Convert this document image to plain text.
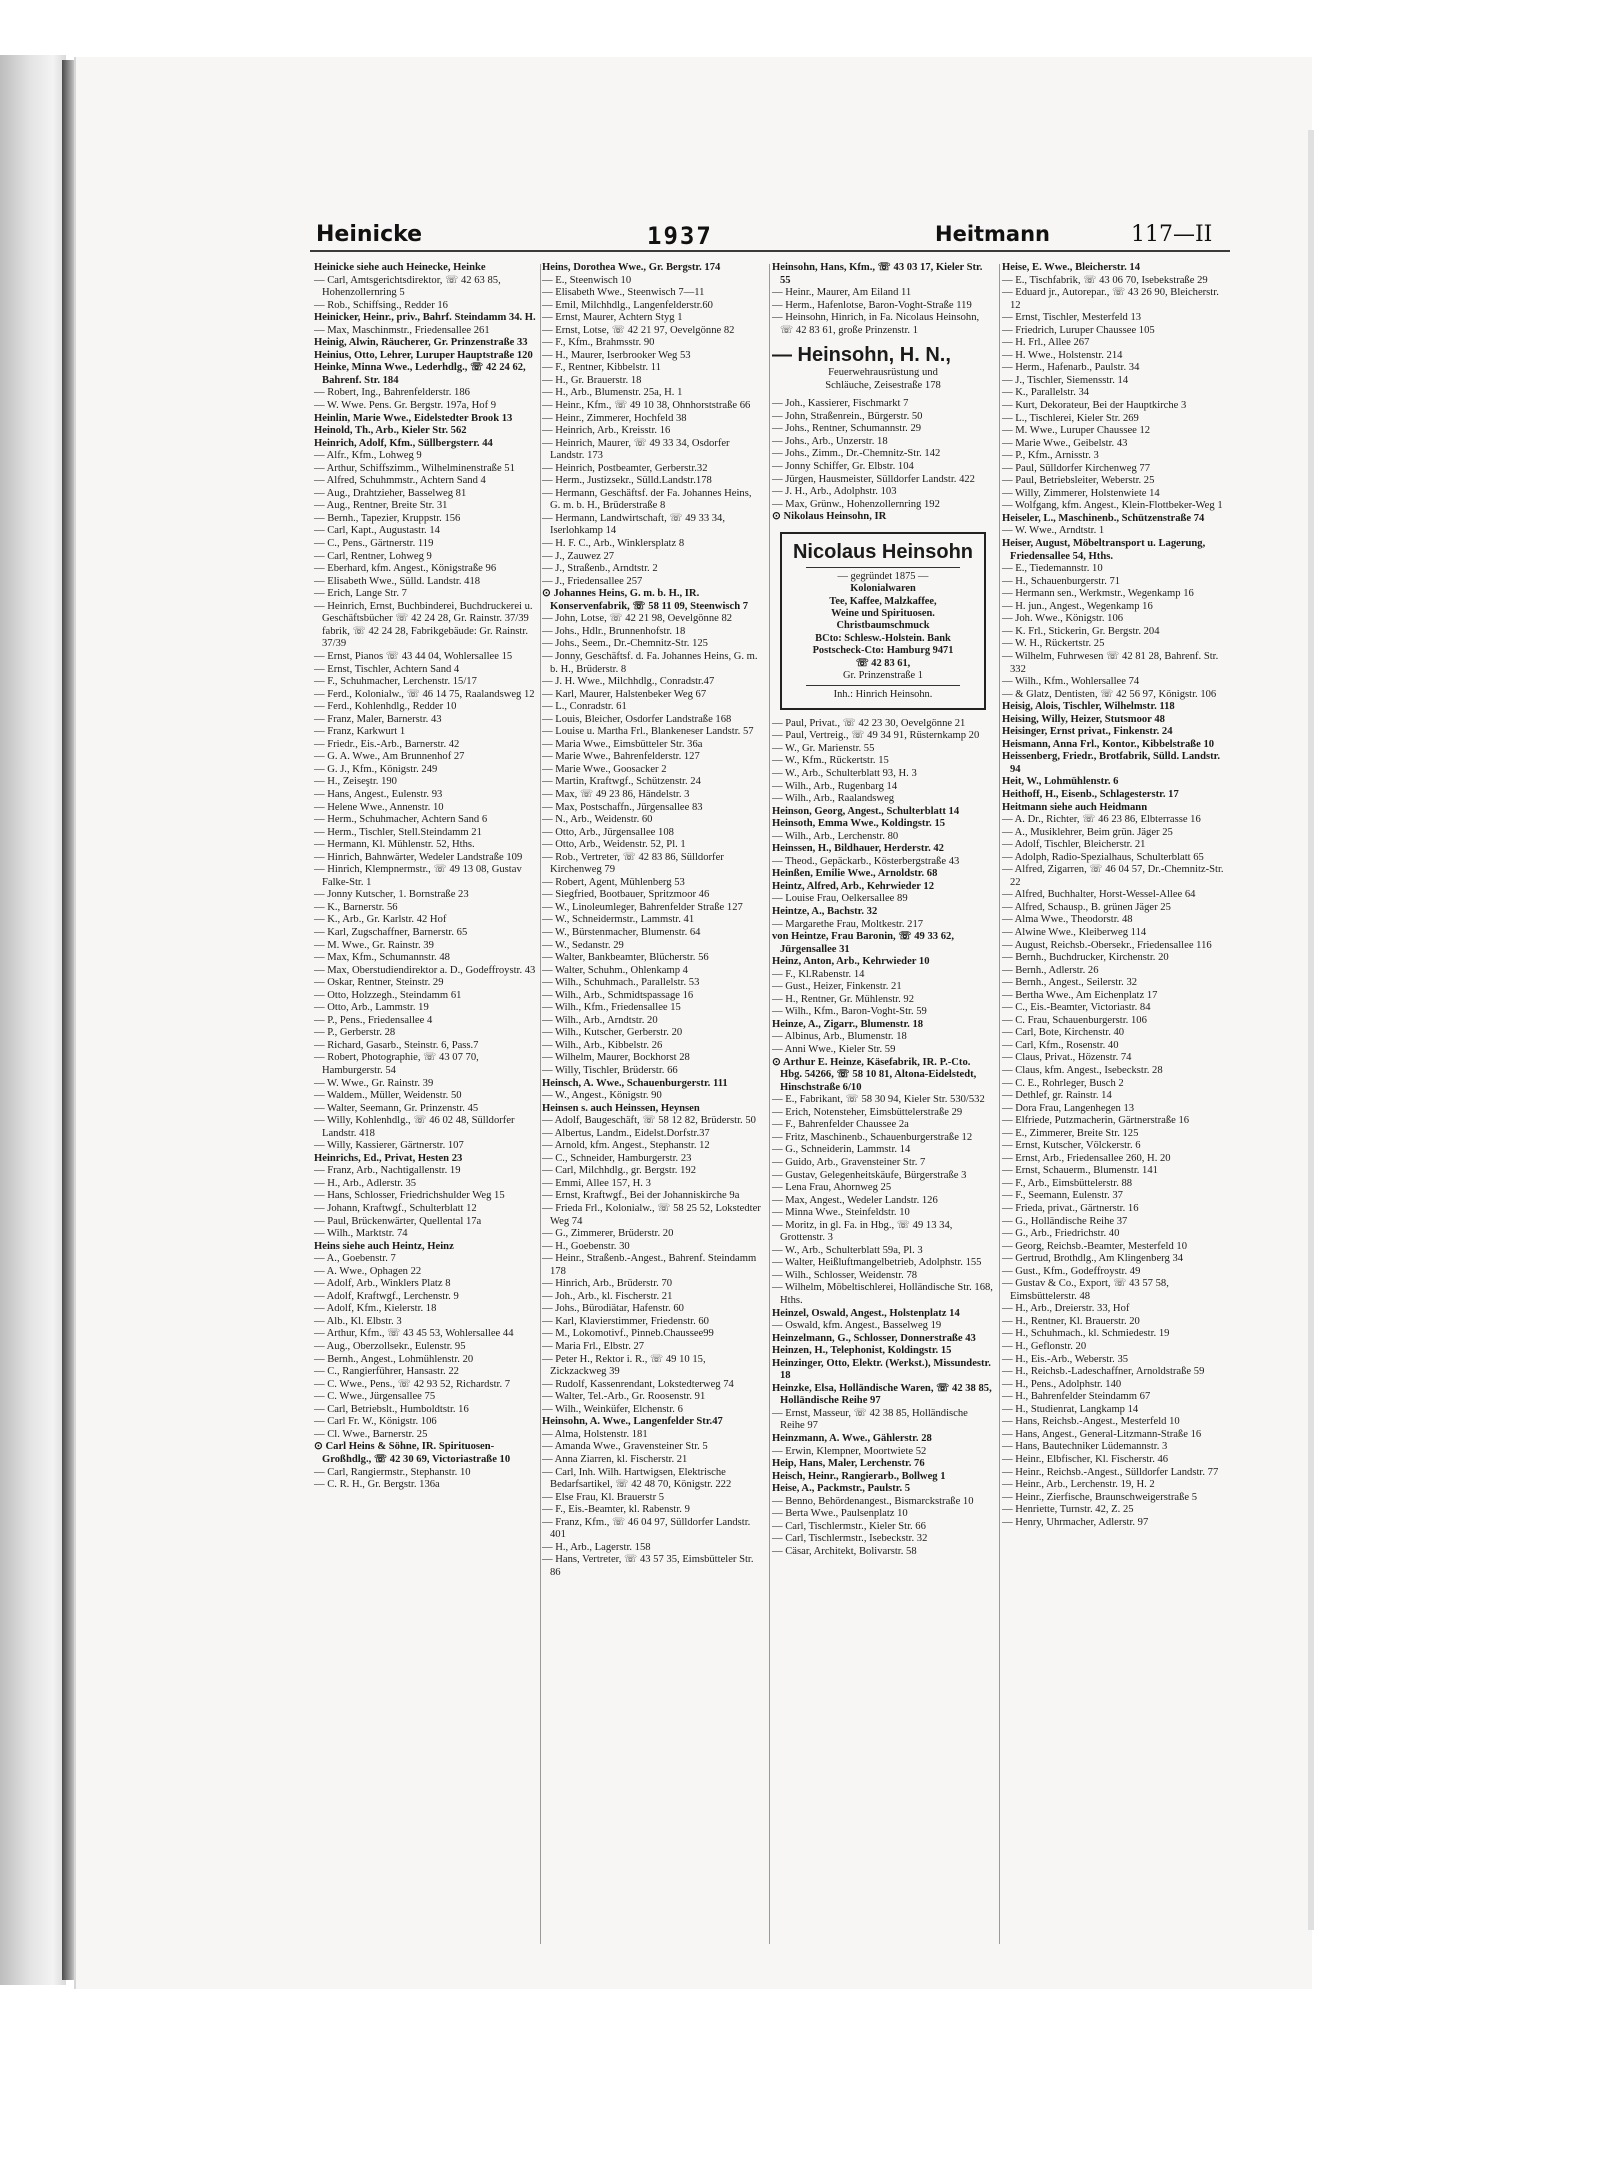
Heinicke	1937	Heitmann	117—II

Heinicke siehe auch Heinecke, Heinke

— Carl, Amtsgerichtsdirektor, ☏ 42 63 85, Hohenzollernring 5

— Rob., Schiffsing., Redder 16

Heinicker, Heinr., priv., Bahrf. Steindamm 34. H.

— Max, Maschinmstr., Friedensallee 261

Heinig, Alwin, Räucherer, Gr. Prinzenstraße 33

Heinius, Otto, Lehrer, Luruper Hauptstraße 120

Heinke, Minna Wwe., Lederhdlg., ☏ 42 24 62, Bahrenf. Str. 184

— Robert, Ing., Bahrenfelderstr. 186

— W. Wwe. Pens. Gr. Bergstr. 197a, Hof 9

Heinlin, Marie Wwe., Eidelstedter Brook 13

Heinold, Th., Arb., Kieler Str. 562

Heinrich, Adolf, Kfm., Süllbergsterr. 44

— Alfr., Kfm., Lohweg 9

— Arthur, Schiffszimm., Wilhelminenstraße 51

— Alfred, Schuhmmstr., Achtern Sand 4

— Aug., Drahtzieher, Basselweg 81

— Aug., Rentner, Breite Str. 31

— Bernh., Tapezier, Kruppstr. 156

— Carl, Kapt., Augustastr. 14

— C., Pens., Gärtnerstr. 119

— Carl, Rentner, Lohweg 9

— Eberhard, kfm. Angest., Königstraße 96

— Elisabeth Wwe., Sülld. Landstr. 418

— Erich, Lange Str. 7

— Heinrich, Ernst, Buchbinderei, Buchdruckerei u. Geschäftsbücher ☏ 42 24 28, Gr. Rainstr. 37/39 fabrik, ☏ 42 24 28, Fabrikgebäude: Gr. Rainstr. 37/39

— Ernst, Pianos ☏ 43 44 04, Wohlersallee 15

— Ernst, Tischler, Achtern Sand 4

— F., Schuhmacher, Lerchenstr. 15/17

— Ferd., Kolonialw., ☏ 46 14 75, Raalandsweg 12

— Ferd., Kohlenhdlg., Redder 10

— Franz, Maler, Barnerstr. 43

— Franz, Karkwurt 1

— Friedr., Eis.-Arb., Barnerstr. 42

— G. A. Wwe., Am Brunnenhof 27

— G. J., Kfm., Königstr. 249

— H., Zeiseştr. 190

— Hans, Angest., Eulenstr. 93

— Helene Wwe., Annenstr. 10

— Herm., Schuhmacher, Achtern Sand 6

— Herm., Tischler, Stell.Steindamm 21

— Hermann, Kl. Mühlenstr. 52, Hths.

— Hinrich, Bahnwärter, Wedeler Landstraße 109

— Hinrich, Klempnermstr., ☏ 49 13 08, Gustav Falke-Str. 1

— Jonny Kutscher, 1. Bornstraße 23

— K., Barnerstr. 56

— K., Arb., Gr. Karlstr. 42 Hof

— Karl, Zugschaffner, Barnerstr. 65

— M. Wwe., Gr. Rainstr. 39

— Max, Kfm., Schumannstr. 48

— Max, Oberstudiendirektor a. D., Godeffroystr. 43

— Oskar, Rentner, Steinstr. 29

— Otto, Holzzegh., Steindamm 61

— Otto, Arb., Lammstr. 19

— P., Pens., Friedensallee 4

— P., Gerberstr. 28

— Richard, Gasarb., Steinstr. 6, Pass.7

— Robert, Photographie, ☏ 43 07 70, Hamburgerstr. 54

— W. Wwe., Gr. Rainstr. 39

— Waldem., Müller, Weidenstr. 50

— Walter, Seemann, Gr. Prinzenstr. 45

— Willy, Kohlenhdlg., ☏ 46 02 48, Sülldorfer Landstr. 418

— Willy, Kassierer, Gärtnerstr. 107

Heinrichs, Ed., Privat, Hesten 23

— Franz, Arb., Nachtigallenstr. 19

— H., Arb., Adlerstr. 35

— Hans, Schlosser, Friedrichshulder Weg 15

— Johann, Kraftwgf., Schulterblatt 12

— Paul, Brückenwärter, Quellental 17a

— Wilh., Marktstr. 74

Heins siehe auch Heintz, Heinz

— A., Goebenstr. 7

— A. Wwe., Ophagen 22

— Adolf, Arb., Winklers Platz 8

— Adolf, Kraftwgf., Lerchenstr. 9

— Adolf, Kfm., Kielerstr. 18

— Alb., Kl. Elbstr. 3

— Arthur, Kfm., ☏ 43 45 53, Wohlersallee 44

— Aug., Oberzollsekr., Eulenstr. 95

— Bernh., Angest., Lohmühlenstr. 20

— C., Rangierführer, Hansastr. 22

— C. Wwe., Pens., ☏ 42 93 52, Richardstr. 7

— C. Wwe., Jürgensallee 75

— Carl, Betriebslt., Humboldtstr. 16

— Carl Fr. W., Königstr. 106

— Cl. Wwe., Barnerstr. 25

⊙ Carl Heins & Söhne, IR. Spirituosen-Großhdlg., ☏ 42 30 69, Victoriastraße 10

— Carl, Rangiermstr., Stephanstr. 10

— C. R. H., Gr. Bergstr. 136a

Heins, Dorothea Wwe., Gr. Bergstr. 174

— E., Steenwisch 10

— Elisabeth Wwe., Steenwisch 7—11

— Emil, Milchhdlg., Langenfelderstr.60

— Ernst, Maurer, Achtern Styg 1

— Ernst, Lotse, ☏ 42 21 97, Oevelgönne 82

— F., Kfm., Brahmsstr. 90

— H., Maurer, Iserbrooker Weg 53

— F., Rentner, Kibbelstr. 11

— H., Gr. Brauerstr. 18

— H., Arb., Blumenstr. 25a, H. 1

— Heinr., Kfm., ☏ 49 10 38, Ohnhorststraße 66

— Heinr., Zimmerer, Hochfeld 38

— Heinrich, Arb., Kreisstr. 16

— Heinrich, Maurer, ☏ 49 33 34, Osdorfer Landstr. 173

— Heinrich, Postbeamter, Gerberstr.32

— Herm., Justizsekr., Sülld.Landstr.178

— Hermann, Geschäftsf. der Fa. Johannes Heins, G. m. b. H., Brüderstraße 8

— Hermann, Landwirtschaft, ☏ 49 33 34, Iserlohkamp 14

— H. F. C., Arb., Winklersplatz 8

— J., Zauwez 27

— J., Straßenb., Arndtstr. 2

— J., Friedensallee 257

⊙ Johannes Heins, G. m. b. H., IR. Konservenfabrik, ☏ 58 11 09, Steenwisch 7

— John, Lotse, ☏ 42 21 98, Oevelgönne 82

— Johs., Hdlr., Brunnenhofstr. 18

— Johs., Seem., Dr.-Chemnitz-Str. 125

— Jonny, Geschäftsf. d. Fa. Johannes Heins, G. m. b. H., Brüderstr. 8

— J. H. Wwe., Milchhdlg., Conradstr.47

— Karl, Maurer, Halstenbeker Weg 67

— L., Conradstr. 61

— Louis, Bleicher, Osdorfer Landstraße 168

— Louise u. Martha Frl., Blankeneser Landstr. 57

— Maria Wwe., Eimsbütteler Str. 36a

— Marie Wwe., Bahrenfelderstr. 127

— Marie Wwe., Goosacker 2

— Martin, Kraftwgf., Schützenstr. 24

— Max, ☏ 49 23 86, Händelstr. 3

— Max, Postschaffn., Jürgensallee 83

— N., Arb., Weidenstr. 60

— Otto, Arb., Jürgensallee 108

— Otto, Arb., Weidenstr. 52, Pl. 1

— Rob., Vertreter, ☏ 42 83 86, Sülldorfer Kirchenweg 79

— Robert, Agent, Mühlenberg 53

— Siegfried, Bootbauer, Spritzmoor 46

— W., Linoleumleger, Bahrenfelder Straße 127

— W., Schneidermstr., Lammstr. 41

— W., Bürstenmacher, Blumenstr. 64

— W., Sedanstr. 29

— Walter, Bankbeamter, Blücherstr. 56

— Walter, Schuhm., Ohlenkamp 4

— Wilh., Schuhmach., Parallelstr. 53

— Wilh., Arb., Schmidtspassage 16

— Wilh., Kfm., Friedensallee 15

— Wilh., Arb., Arndtstr. 20

— Wilh., Kutscher, Gerberstr. 20

— Wilh., Arb., Kibbelstr. 26

— Wilhelm, Maurer, Bockhorst 28

— Willy, Tischler, Brüderstr. 66

Heinsch, A. Wwe., Schauenburgerstr. 111

— W., Angest., Königstr. 90

Heinsen s. auch Heinssen, Heynsen

— Adolf, Baugeschäft, ☏ 58 12 82, Brüderstr. 50

— Albertus, Landm., Eidelst.Dorfstr.37

— Arnold, kfm. Angest., Stephanstr. 12

— C., Schneider, Hamburgerstr. 23

— Carl, Milchhdlg., gr. Bergstr. 192

— Emmi, Allee 157, H. 3

— Ernst, Kraftwgf., Bei der Johanniskirche 9a

— Frieda Frl., Kolonialw., ☏ 58 25 52, Lokstedter Weg 74

— G., Zimmerer, Brüderstr. 20

— H., Goebenstr. 30

— Heinr., Straßenb.-Angest., Bahrenf. Steindamm 178

— Hinrich, Arb., Brüderstr. 70

— Joh., Arb., kl. Fischerstr. 21

— Johs., Bürodiätar, Hafenstr. 60

— Karl, Klavierstimmer, Friedenstr. 60

— M., Lokomotivf., Pinneb.Chaussee99

— Maria Frl., Elbstr. 27

— Peter H., Rektor i. R., ☏ 49 10 15, Zickzackweg 39

— Rudolf, Kassenrendant, Lokstedterweg 74

— Walter, Tel.-Arb., Gr. Roosenstr. 91

— Wilh., Weinküfer, Elchenstr. 6

Heinsohn, A. Wwe., Langenfelder Str.47

— Alma, Holstenstr. 181

— Amanda Wwe., Gravensteiner Str. 5

— Anna Ziarren, kl. Fischerstr. 21

— Carl, Inh. Wilh. Hartwigsen, Elektrische Bedarfsartikel, ☏ 42 48 70, Königstr. 222

— Else Frau, Kl. Brauerstr 5

— F., Eis.-Beamter, kl. Rabenstr. 9

— Franz, Kfm., ☏ 46 04 97, Sülldorfer Landstr. 401

— H., Arb., Lagerstr. 158

— Hans, Vertreter, ☏ 43 57 35, Eimsbütteler Str. 86

Heinsohn, Hans, Kfm., ☏ 43 03 17, Kieler Str. 55

— Heinr., Maurer, Am Eiland 11

— Herm., Hafenlotse, Baron-Voght-Straße 119

— Heinsohn, Hinrich, in Fa. Nicolaus Heinsohn, ☏ 42 83 61, große Prinzenstr. 1

— Heinsohn, H. N.,
Feuerwehrausrüstung und
Schläuche, Zeisestraße 178

— Joh., Kassierer, Fischmarkt 7

— John, Straßenrein., Bürgerstr. 50

— Johs., Rentner, Schumannstr. 29

— Johs., Arb., Unzerstr. 18

— Johs., Zimm., Dr.-Chemnitz-Str. 142

— Jonny Schiffer, Gr. Elbstr. 104

— Jürgen, Hausmeister, Sülldorfer Landstr. 422

— J. H., Arb., Adolphstr. 103

— Max, Grünw., Hohenzollernring 192

⊙ Nikolaus Heinsohn, IR

Nicolaus Heinsohn
— gegründet 1875 —
Kolonialwaren
Tee, Kaffee, Malzkaffee,
Weine und Spirituosen.
Christbaumschmuck
BCto: Schlesw.-Holstein. Bank
Postscheck-Cto: Hamburg 9471
☏ 42 83 61,
Gr. Prinzenstraße 1
Inh.: Hinrich Heinsohn.

— Paul, Privat., ☏ 42 23 30, Oevelgönne 21

— Paul, Vertreig., ☏ 49 34 91, Rüsternkamp 20

— W., Gr. Marienstr. 55

— W., Kfm., Rückertstr. 15

— W., Arb., Schulterblatt 93, H. 3

— Wilh., Arb., Rugenbarg 14

— Wilh., Arb., Raalandsweg

Heinson, Georg, Angest., Schulterblatt 14

Heinsoth, Emma Wwe., Koldingstr. 15

— Wilh., Arb., Lerchenstr. 80

Heinssen, H., Bildhauer, Herderstr. 42

— Theod., Gepäckarb., Kösterbergstraße 43

Heinßen, Emilie Wwe., Arnoldstr. 68

Heintz, Alfred, Arb., Kehrwieder 12

— Louise Frau, Oelkersallee 89

Heintze, A., Bachstr. 32

— Margarethe Frau, Moltkestr. 217

von Heintze, Frau Baronin, ☏ 49 33 62, Jürgensallee 31

Heinz, Anton, Arb., Kehrwieder 10

— F., Kl.Rabenstr. 14

— Gust., Heizer, Finkenstr. 21

— H., Rentner, Gr. Mühlenstr. 92

— Wilh., Kfm., Baron-Voght-Str. 59

Heinze, A., Zigarr., Blumenstr. 18

— Albinus, Arb., Blumenstr. 18

— Anni Wwe., Kieler Str. 59

⊙ Arthur E. Heinze, Käsefabrik, IR. P.-Cto. Hbg. 54266, ☏ 58 10 81, Altona-Eidelstedt, Hinschstraße 6/10

— E., Fabrikant, ☏ 58 30 94, Kieler Str. 530/532

— Erich, Notensteher, Eimsbüttelerstraße 29

— F., Bahrenfelder Chaussee 2a

— Fritz, Maschinenb., Schauenburgerstraße 12

— G., Schneiderin, Lammstr. 14

— Guido, Arb., Gravensteiner Str. 7

— Gustav, Gelegenheitskäufe, Bürgerstraße 3

— Lena Frau, Ahornweg 25

— Max, Angest., Wedeler Landstr. 126

— Minna Wwe., Steinfeldstr. 10

— Moritz, in gl. Fa. in Hbg., ☏ 49 13 34, Grottenstr. 3

— W., Arb., Schulterblatt 59a, Pl. 3

— Walter, Heißluftmangelbetrieb, Adolphstr. 155

— Wilh., Schlosser, Weidenstr. 78

— Wilhelm, Möbeltischlerei, Holländische Str. 168, Hths.

Heinzel, Oswald, Angest., Holstenplatz 14

— Oswald, kfm. Angest., Basselweg 19

Heinzelmann, G., Schlosser, Donnerstraße 43

Heinzen, H., Telephonist, Koldingstr. 15

Heinzinger, Otto, Elektr. (Werkst.), Missundestr. 18

Heinzke, Elsa, Holländische Waren, ☏ 42 38 85, Holländische Reihe 97

— Ernst, Masseur, ☏ 42 38 85, Holländische Reihe 97

Heinzmann, A. Wwe., Gählerstr. 28

— Erwin, Klempner, Moortwiete 52

Heip, Hans, Maler, Lerchenstr. 76

Heisch, Heinr., Rangierarb., Bollweg 1

Heise, A., Packmstr., Paulstr. 5

— Benno, Behördenangest., Bismarckstraße 10

— Berta Wwe., Paulsenplatz 10

— Carl, Tischlermstr., Kieler Str. 66

— Carl, Tischlermstr., Isebeckstr. 32

— Cäsar, Architekt, Bolivarstr. 58

Heise, E. Wwe., Bleicherstr. 14

— E., Tischfabrik, ☏ 43 06 70, Isebekstraße 29

— Eduard jr., Autorepar., ☏ 43 26 90, Bleicherstr. 12

— Ernst, Tischler, Mesterfeld 13

— Friedrich, Luruper Chaussee 105

— H. Frl., Allee 267

— H. Wwe., Holstenstr. 214

— Herm., Hafenarb., Paulstr. 34

— J., Tischler, Siemensstr. 14

— K., Parallelstr. 34

— Kurt, Dekorateur, Bei der Hauptkirche 3

— L., Tischlerei, Kieler Str. 269

— M. Wwe., Luruper Chaussee 12

— Marie Wwe., Geibelstr. 43

— P., Kfm., Arnisstr. 3

— Paul, Sülldorfer Kirchenweg 77

— Paul, Betriebsleiter, Weberstr. 25

— Willy, Zimmerer, Holstenwiete 14

— Wolfgang, kfm. Angest., Klein-Flottbeker-Weg 1

Heiseler, L., Maschinenb., Schützenstraße 74

— W. Wwe., Arndtstr. 1

Heiser, August, Möbeltransport u. Lagerung, Friedensallee 54, Hths.

— E., Tiedemannstr. 10

— H., Schauenburgerstr. 71

— Hermann sen., Werkmstr., Wegenkamp 16

— H. jun., Angest., Wegenkamp 16

— Joh. Wwe., Königstr. 106

— K. Frl., Stickerin, Gr. Bergstr. 204

— W. H., Rückertstr. 25

— Wilhelm, Fuhrwesen ☏ 42 81 28, Bahrenf. Str. 332

— Wilh., Kfm., Wohlersallee 74

— & Glatz, Dentisten, ☏ 42 56 97, Königstr. 106

Heisig, Alois, Tischler, Wilhelmstr. 118

Heising, Willy, Heizer, Stutsmoor 48

Heisinger, Ernst privat., Finkenstr. 24

Heismann, Anna Frl., Kontor., Kibbelstraße 10

Heissenberg, Friedr., Brotfabrik, Sülld. Landstr. 94

Heit, W., Lohmühlenstr. 6

Heithoff, H., Eisenb., Schlagesterstr. 17

Heitmann siehe auch Heidmann

— A. Dr., Richter, ☏ 46 23 86, Elbterrasse 16

— A., Musiklehrer, Beim grün. Jäger 25

— Adolf, Tischler, Bleicherstr. 21

— Adolph, Radio-Spezialhaus, Schulterblatt 65

— Alfred, Zigarren, ☏ 46 04 57, Dr.-Chemnitz-Str. 22

— Alfred, Buchhalter, Horst-Wessel-Allee 64

— Alfred, Schausp., B. grünen Jäger 25

— Alma Wwe., Theodorstr. 48

— Alwine Wwe., Kleiberweg 114

— August, Reichsb.-Obersekr., Friedensallee 116

— Bernh., Buchdrucker, Kirchenstr. 20

— Bernh., Adlerstr. 26

— Bernh., Angest., Seilerstr. 32

— Bertha Wwe., Am Eichenplatz 17

— C., Eis.-Beamter, Victoriastr. 84

— C. Frau, Schauenburgerstr. 106

— Carl, Bote, Kirchenstr. 40

— Carl, Kfm., Rosenstr. 40

— Claus, Privat., Hözenstr. 74

— Claus, kfm. Angest., Isebeckstr. 28

— C. E., Rohrleger, Busch 2

— Dethlef, gr. Rainstr. 14

— Dora Frau, Langenhegen 13

— Elfriede, Putzmacherin, Gärtnerstraße 16

— E., Zimmerer, Breite Str. 125

— Ernst, Kutscher, Völckerstr. 6

— Ernst, Arb., Friedensallee 260, H. 20

— Ernst, Schauerm., Blumenstr. 141

— F., Arb., Eimsbüttelerstr. 88

— F., Seemann, Eulenstr. 37

— Frieda, privat., Gärtnerstr. 16

— G., Holländische Reihe 37

— G., Arb., Friedrichstr. 40

— Georg, Reichsb.-Beamter, Mesterfeld 10

— Gertrud, Brothdlg., Am Klingenberg 34

— Gust., Kfm., Godeffroystr. 49

— Gustav & Co., Export, ☏ 43 57 58, Eimsbüttelerstr. 48

— H., Arb., Dreierstr. 33, Hof

— H., Rentner, Kl. Brauerstr. 20

— H., Schuhmach., kl. Schmiedestr. 19

— H., Geflonstr. 20

— H., Eis.-Arb., Weberstr. 35

— H., Reichsb.-Ladeschaffner, Arnoldstraße 59

— H., Pens., Adolphstr. 140

— H., Bahrenfelder Steindamm 67

— H., Studienrat, Langkamp 14

— Hans, Reichsb.-Angest., Mesterfeld 10

— Hans, Angest., General-Litzmann-Straße 16

— Hans, Bautechniker Lüdemannstr. 3

— Heinr., Elbfischer, Kl. Fischerstr. 46

— Heinr., Reichsb.-Angest., Sülldorfer Landstr. 77

— Heinr., Arb., Lerchenstr. 19, H. 2

— Heinr., Zierfische, Braunschweigerstraße 5

— Henriette, Turnstr. 42, Z. 25

— Henry, Uhrmacher, Adlerstr. 97
